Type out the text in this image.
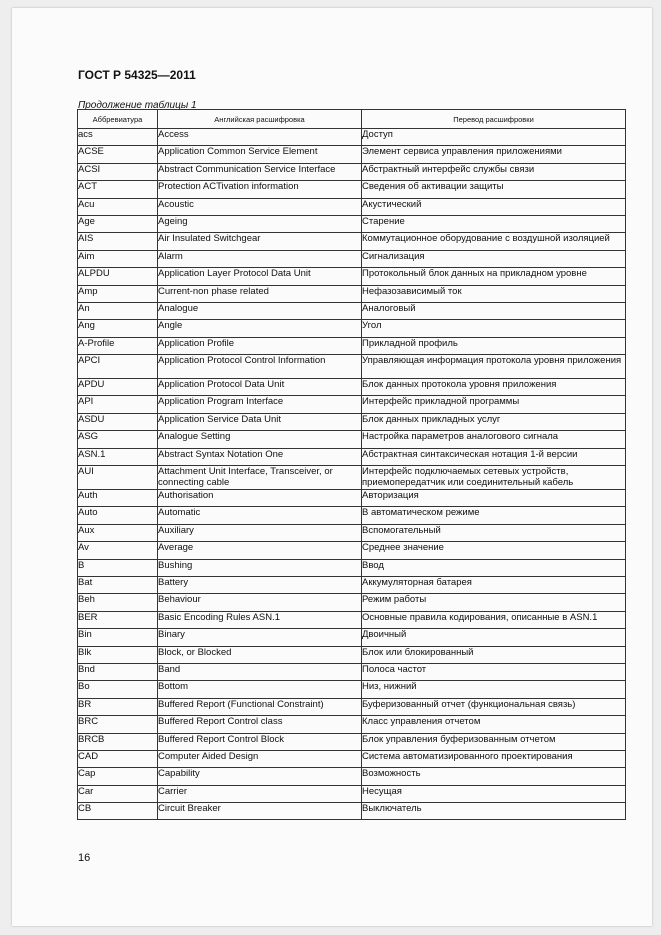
ГОСТ Р 54325—2011
Продолжение таблицы 1
Аббревиатура	Английская расшифровка	Перевод расшифровки
acs	Access	Доступ
ACSE	Application Common Service Element	Элемент сервиса управления приложениями
ACSI	Abstract Communication Service Interface	Абстрактный интерфейс службы связи
ACT	Protection ACTivation information	Сведения об активации защиты
Acu	Acoustic	Акустический
Age	Ageing	Старение
AIS	Air Insulated Switchgear	Коммутационное оборудование с воздушной изоляцией
Aim	Alarm	Сигнализация
ALPDU	Application Layer Protocol Data Unit	Протокольный блок данных на прикладном уровне
Amp	Current-non phase related	Нефазозависимый ток
An	Analogue	Аналоговый
Ang	Angle	Угол
A-Profile	Application Profile	Прикладной профиль
APCI	Application Protocol Control Information	Управляющая информация протокола уровня приложения
APDU	Application Protocol Data Unit	Блок данных протокола уровня приложения
API	Application Program Interface	Интерфейс прикладной программы
ASDU	Application Service Data Unit	Блок данных прикладных услуг
ASG	Analogue Setting	Настройка параметров аналогового сигнала
ASN.1	Abstract Syntax Notation One	Абстрактная синтаксическая нотация 1-й версии
AUI	Attachment Unit Interface, Transceiver, or connecting cable	Интерфейс подключаемых сетевых устройств, приемопередатчик или соединительный кабель
Auth	Authorisation	Авторизация
Auto	Automatic	В автоматическом режиме
Aux	Auxiliary	Вспомогательный
Av	Average	Среднее значение
B	Bushing	Ввод
Bat	Battery	Аккумуляторная батарея
Beh	Behaviour	Режим работы
BER	Basic Encoding Rules ASN.1	Основные правила кодирования, описанные в ASN.1
Bin	Binary	Двоичный
Blk	Block, or Blocked	Блок или блокированный
Bnd	Band	Полоса частот
Bo	Bottom	Низ, нижний
BR	Buffered Report (Functional Constraint)	Буферизованный отчет (функциональная связь)
BRC	Buffered Report Control class	Класс управления отчетом
BRCB	Buffered Report Control Block	Блок управления буферизованным отчетом
CAD	Computer Aided Design	Система автоматизированного проектирования
Cap	Capability	Возможность
Car	Carrier	Несущая
CB	Circuit Breaker	Выключатель
16
